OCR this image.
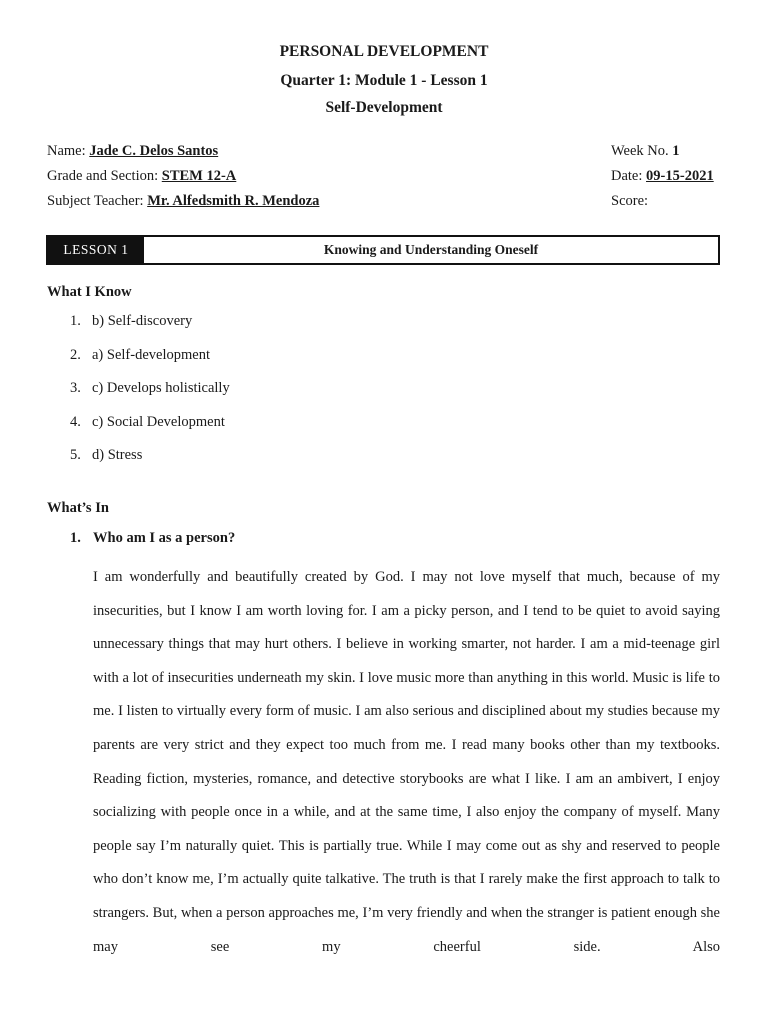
PERSONAL DEVELOPMENT
Quarter 1: Module 1 - Lesson 1
Self-Development
Name: Jade C. Delos Santos
Grade and Section: STEM 12-A
Subject Teacher: Mr. Alfedsmith R. Mendoza
Week No. 1
Date: 09-15-2021
Score:
LESSON 1	Knowing and Understanding Oneself
What I Know
1. b) Self-discovery
2. a) Self-development
3. c) Develops holistically
4. c) Social Development
5. d) Stress
What’s In
1. Who am I as a person?
I am wonderfully and beautifully created by God. I may not love myself that much, because of my insecurities, but I know I am worth loving for. I am a picky person, and I tend to be quiet to avoid saying unnecessary things that may hurt others. I believe in working smarter, not harder. I am a mid-teenage girl with a lot of insecurities underneath my skin. I love music more than anything in this world. Music is life to me. I listen to virtually every form of music. I am also serious and disciplined about my studies because my parents are very strict and they expect too much from me. I read many books other than my textbooks. Reading fiction, mysteries, romance, and detective storybooks are what I like. I am an ambivert, I enjoy socializing with people once in a while, and at the same time, I also enjoy the company of myself. Many people say I’m naturally quiet. This is partially true. While I may come out as shy and reserved to people who don’t know me, I’m actually quite talkative. The truth is that I rarely make the first approach to talk to strangers. But, when a person approaches me, I’m very friendly and when the stranger is patient enough she may see my cheerful side. Also
